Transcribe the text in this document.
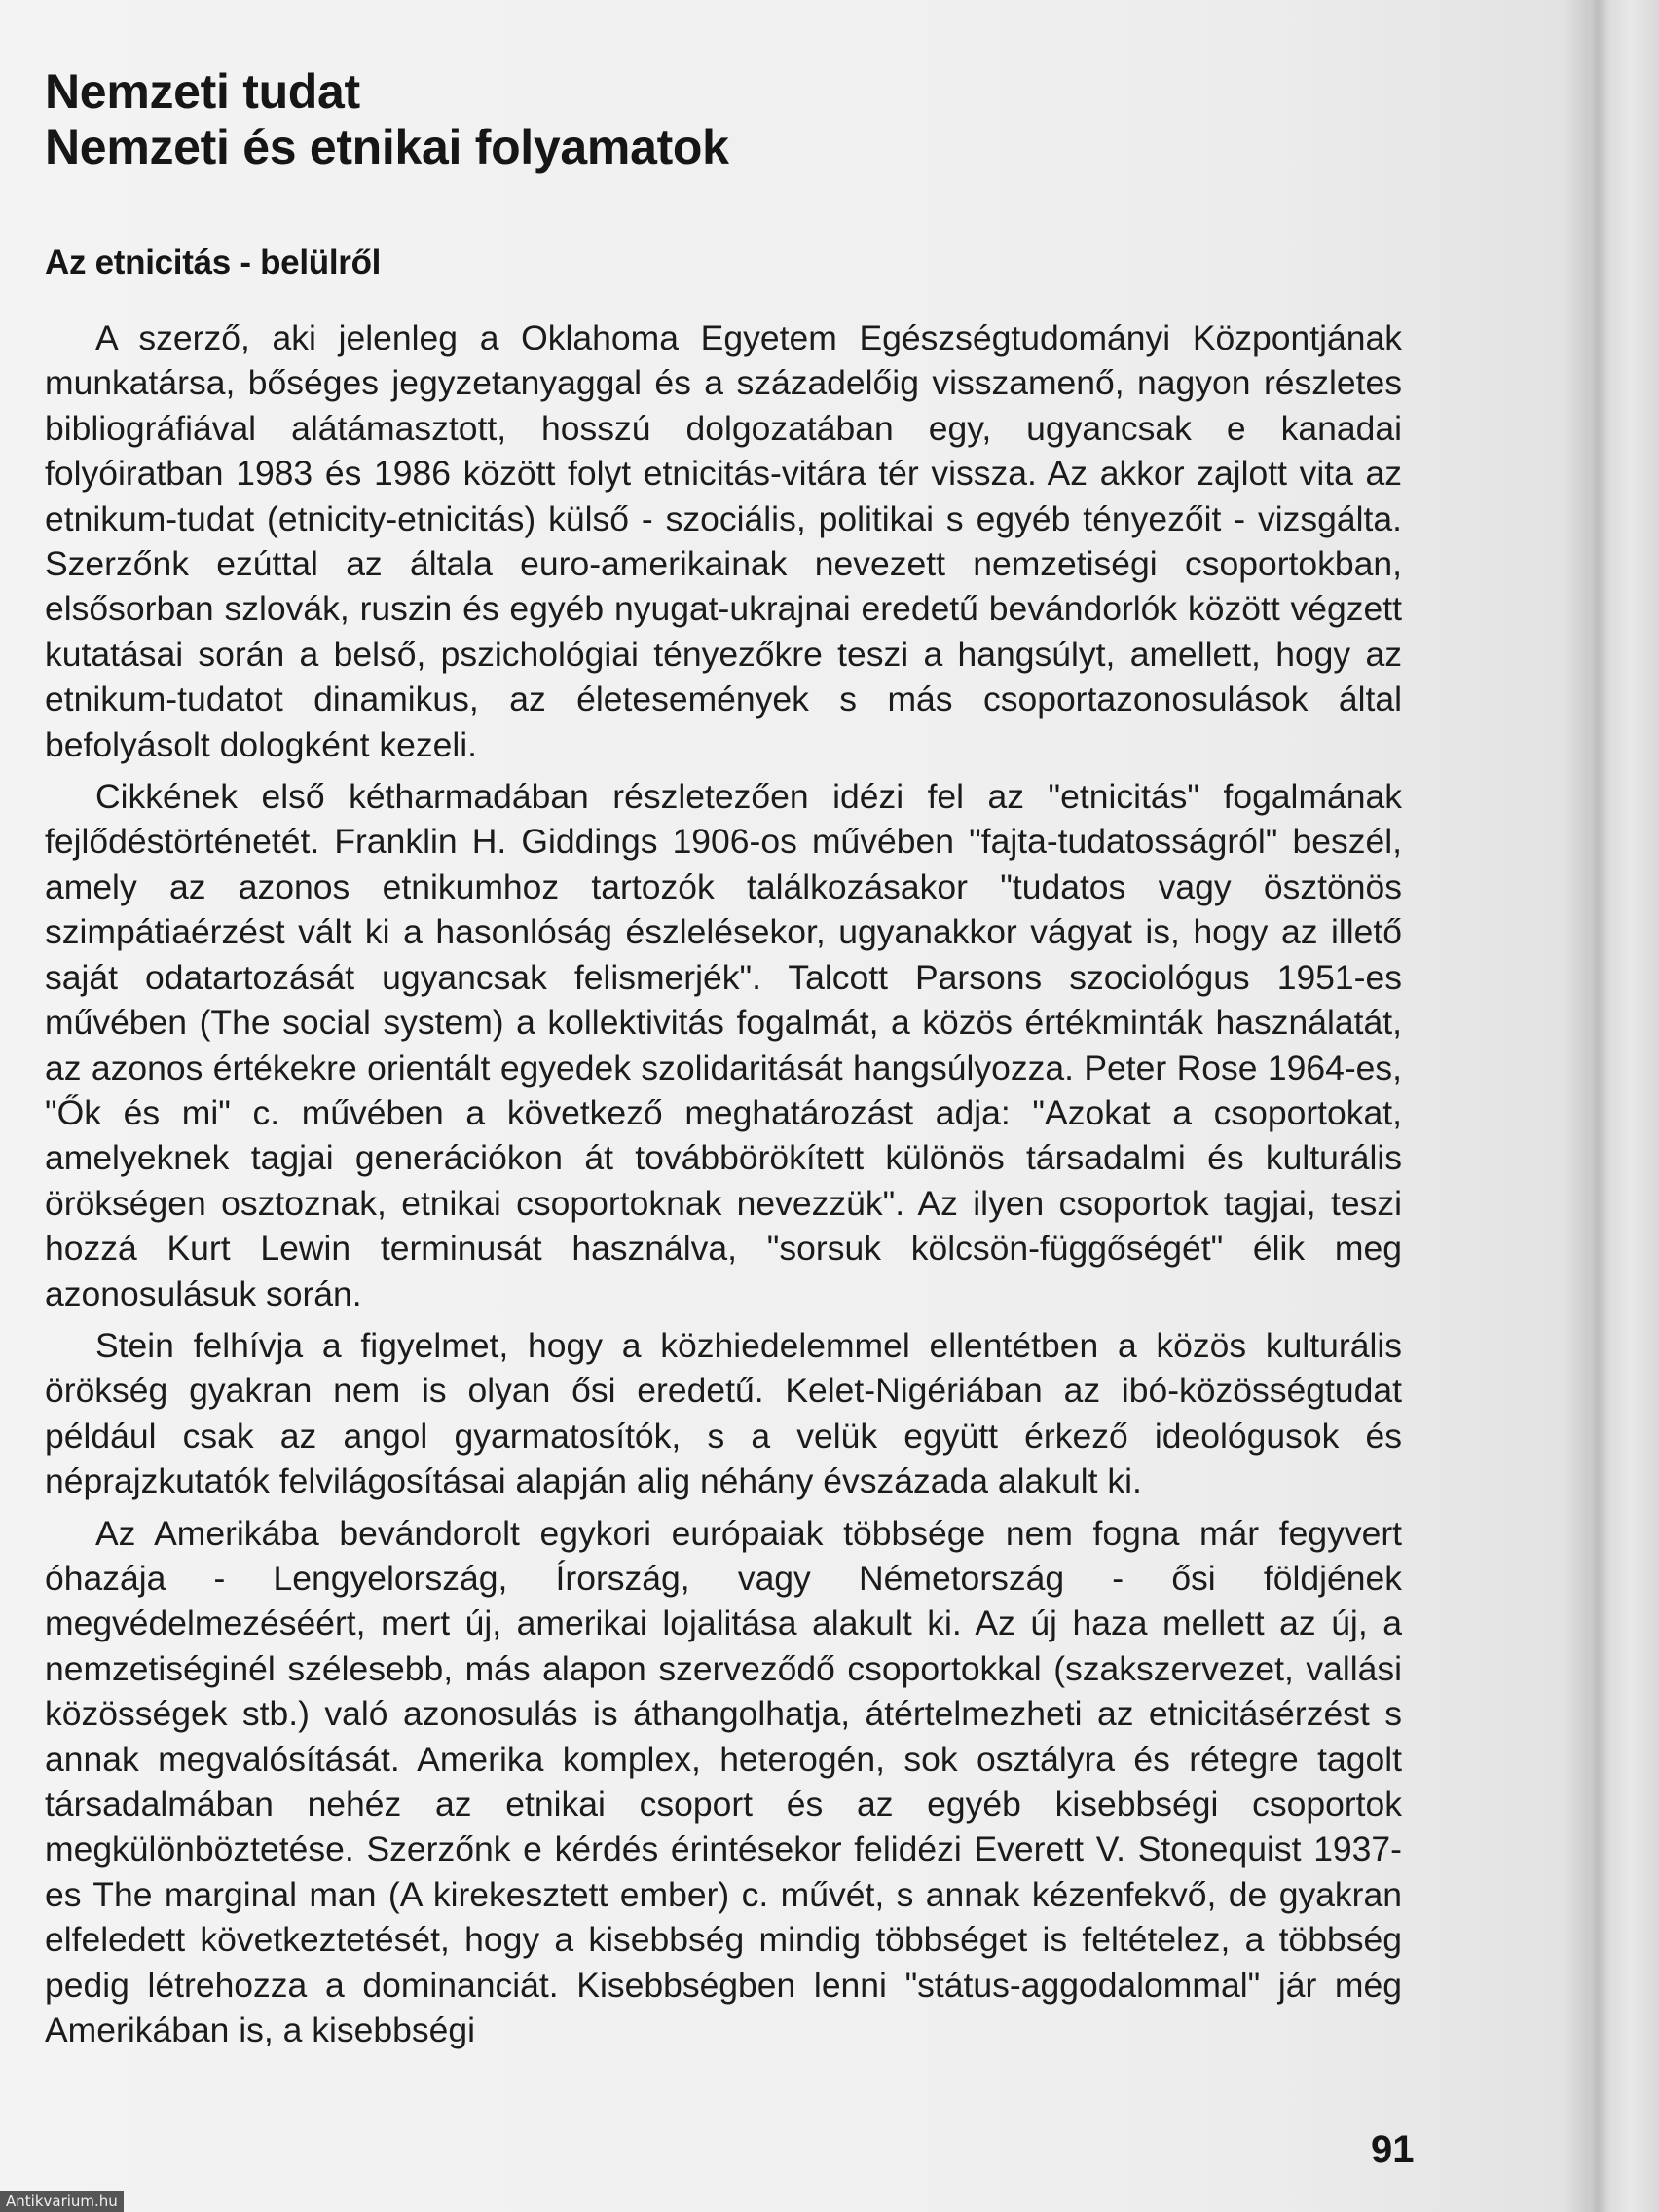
Nemzeti tudat
Nemzeti és etnikai folyamatok
Az etnicitás - belülről

A szerző, aki jelenleg a Oklahoma Egyetem Egészségtudományi Központjának munkatársa, bőséges jegyzetanyaggal és a századelőig visszamenő, nagyon részletes bibliográfiával alátámasztott, hosszú dolgozatában egy, ugyancsak e kanadai folyóiratban 1983 és 1986 között folyt etnicitás-vitára tér vissza. Az akkor zajlott vita az etnikum-tudat (etnicity-etnicitás) külső - szociális, politikai s egyéb tényezőit - vizsgálta. Szerzőnk ezúttal az általa euro-amerikainak nevezett nemzetiségi csoportokban, elsősorban szlovák, ruszin és egyéb nyugat-ukrajnai eredetű bevándorlók között végzett kutatásai során a belső, pszichológiai tényezőkre teszi a hangsúlyt, amellett, hogy az etnikum-tudatot dinamikus, az életesemények s más csoportazonosulások által befolyásolt dologként kezeli.

Cikkének első kétharmadában részletezően idézi fel az "etnicitás" fogalmának fejlődéstörténetét. Franklin H. Giddings 1906-os művében "fajta-tudatosságról" beszél, amely az azonos etnikumhoz tartozók találkozásakor "tudatos vagy ösztönös szimpátiaérzést vált ki a hasonlóság észlelésekor, ugyanakkor vágyat is, hogy az illető saját odatartozását ugyancsak felismerjék". Talcott Parsons szociológus 1951-es művében (The social system) a kollektivitás fogalmát, a közös értékminták használatát, az azonos értékekre orientált egyedek szolidaritását hangsúlyozza. Peter Rose 1964-es, "Ők és mi" c. művében a következő meghatározást adja: "Azokat a csoportokat, amelyeknek tagjai generációkon át továbbörökített különös társadalmi és kulturális örökségen osztoznak, etnikai csoportoknak nevezzük". Az ilyen csoportok tagjai, teszi hozzá Kurt Lewin terminusát használva, "sorsuk kölcsön-függőségét" élik meg azonosulásuk során.

Stein felhívja a figyelmet, hogy a közhiedelemmel ellentétben a közös kulturális örökség gyakran nem is olyan ősi eredetű. Kelet-Nigériában az ibó-közösségtudat például csak az angol gyarmatosítók, s a velük együtt érkező ideológusok és néprajzkutatók felvilágosításai alapján alig néhány évszázada alakult ki.

Az Amerikába bevándorolt egykori európaiak többsége nem fogna már fegyvert óhazája - Lengyelország, Írország, vagy Németország - ősi földjének megvédelmezéséért, mert új, amerikai lojalitása alakult ki. Az új haza mellett az új, a nemzetiséginél szélesebb, más alapon szerveződő csoportokkal (szakszervezet, vallási közösségek stb.) való azonosulás is áthangolhatja, átértelmezheti az etnicitásérzést s annak megvalósítását. Amerika komplex, heterogén, sok osztályra és rétegre tagolt társadalmában nehéz az etnikai csoport és az egyéb kisebbségi csoportok megkülönböztetése. Szerzőnk e kérdés érintésekor felidézi Everett V. Stonequist 1937-es The marginal man (A kirekesztett ember) c. művét, s annak kézenfekvő, de gyakran elfeledett következtetését, hogy a kisebbség mindig többséget is feltételez, a többség pedig létrehozza a dominanciát. Kisebbségben lenni "státus-aggodalommal" jár még Amerikában is, a kisebbségi

91
Antikvarium.hu
